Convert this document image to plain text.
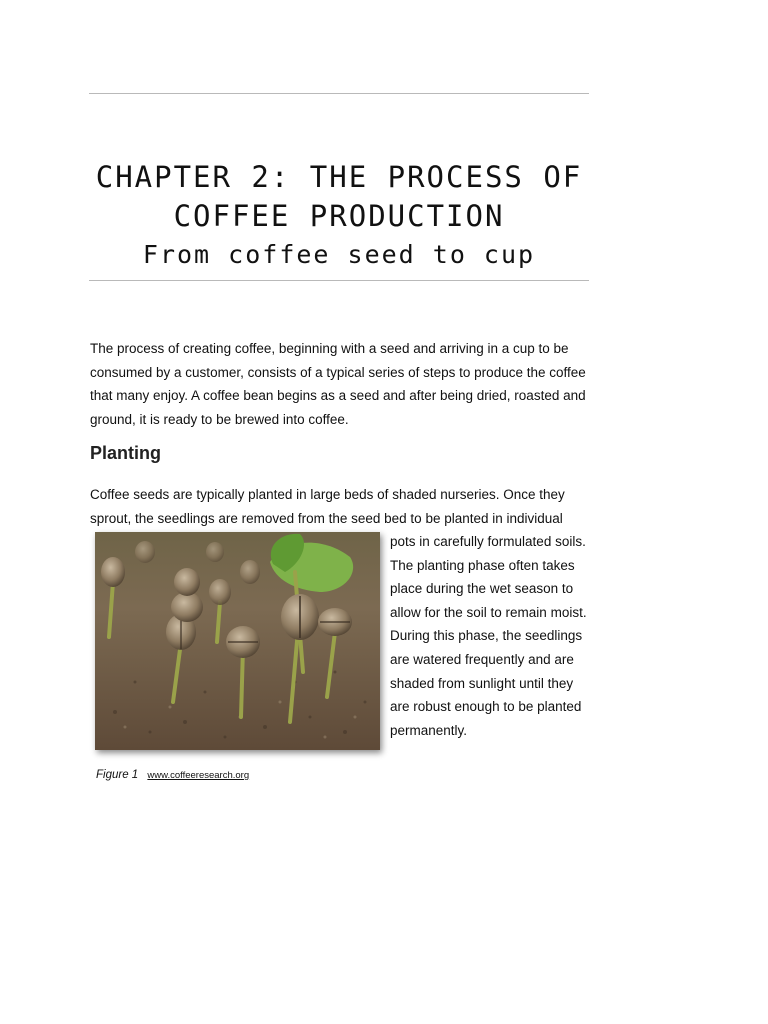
CHAPTER 2: THE PROCESS OF
COFFEE PRODUCTION
From coffee seed to cup
The process of creating coffee, beginning with a seed and arriving in a cup to be consumed by a customer, consists of a typical series of steps to produce the coffee that many enjoy. A coffee bean begins as a seed and after being dried, roasted and ground, it is ready to be brewed into coffee.
Planting
Coffee seeds are typically planted in large beds of shaded nurseries. Once they sprout, the seedlings are removed from the seed bed to be planted in individual
pots in carefully formulated soils. The planting phase often takes place during the wet season to allow for the soil to remain moist. During this phase, the seedlings are watered frequently and are shaded from sunlight until they are robust enough to be planted permanently.
Figure 1 www.coffeeresearch.org
